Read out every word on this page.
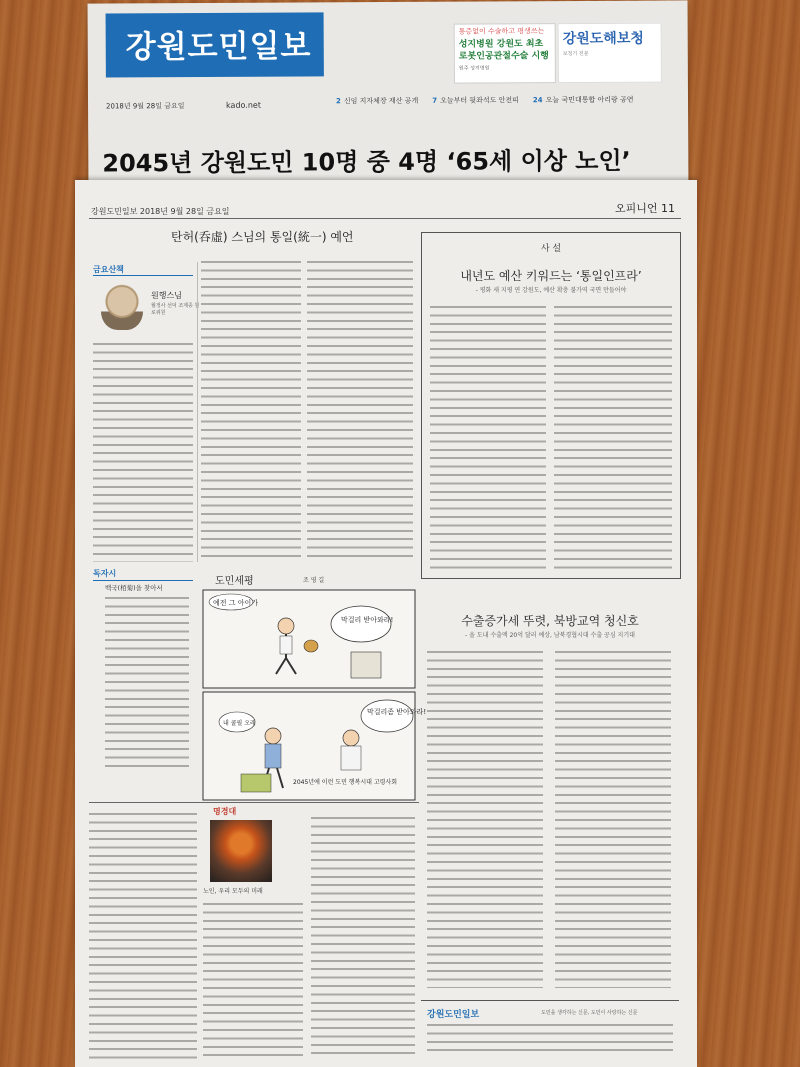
강원도민일보
2018년 9월 28일 금요일	kado.net
통증없이 수술하고 평생쓰는
성지병원 강원도 최초 로봇인공관절수술 시행
원주 성지병원
강원도해보청
보청기 전문
2 신임 지자체장 재산 공개 7 오늘부터 뒷좌석도 안전띠 24 오늘 국민대통합 아리랑 공연
2045년 강원도민 10명 중 4명 ‘65세 이상 노인’
강원도민일보 2018년 9월 28일 금요일	오피니언 11
탄허(呑虛) 스님의 통일(統一) 예언
금요산책
원행스님
월정사 선덕 조계종 원로위원
독자시
백국(栢菊)을 찾아서
도민세평	조 영 길
예전 그 아이가
막걸리 받아와라!
막걸리좀 받아와라!
내 쿨필 오래
2045년에 이런 도민 행복시대 고령사회
사 설
내년도 예산 키워드는 ‘통일인프라’
- 평화 새 지평 연 강원도, 예산 확충 불가역 국면 만들어야
수출증가세 뚜렷, 북방교역 청신호
- 올 도내 수출액 20억 달러 예상, 남북경협시대 수출 공심 지기대
명경대
노인, 우리 모두의 미래
강원도민일보	도민을 생각하는 신문, 도민이 사랑하는 신문
